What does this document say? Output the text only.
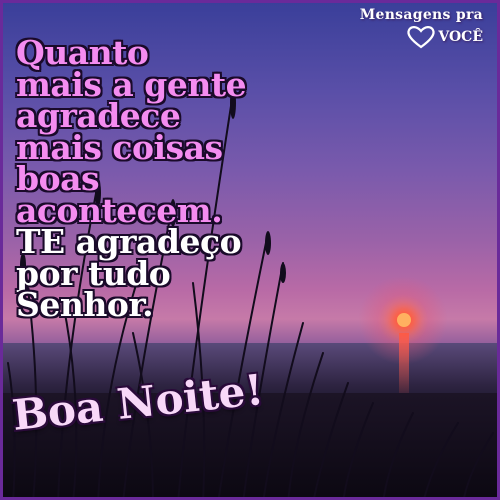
Mensagens pra
VOCÊ

Quanto
mais a gente
agradece
mais coisas
boas
acontecem.
TE agradeço
por tudo
Senhor.

Boa Noite!
